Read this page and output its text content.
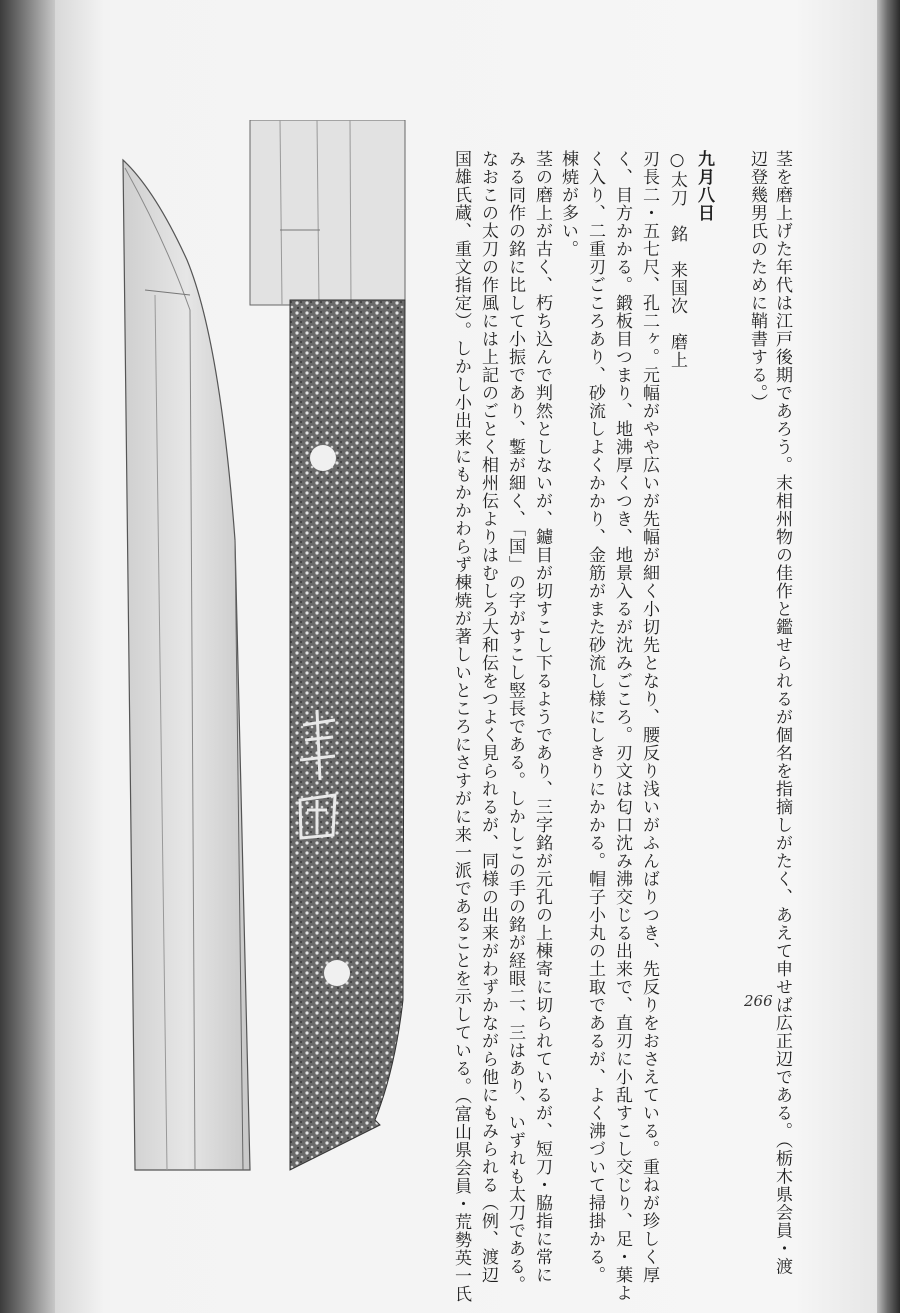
茎を磨上げた年代は江戸後期であろう。末相州物の佳作と鑑せられるが個名を指摘しがたく、あえて申せば広正辺である。（栃木県会員・渡
辺登幾男氏のために鞘書する。）
九月八日
○太刀　銘　来国次　磨上
刃長二・五七尺、孔二ヶ。元幅がやや広いが先幅が細く小切先となり、腰反り浅いがふんばりつき、先反りをおさえている。重ねが珍しく厚
く、目方かかる。鍛板目つまり、地沸厚くつき、地景入るが沈みごころ。刃文は匂口沈み沸交じる出来で、直刃に小乱すこし交じり、足・葉よ
く入り、二重刃ごころあり、砂流しよくかかり、金筋がまた砂流し様にしきりにかかる。帽子小丸の土取であるが、よく沸づいて掃掛かる。
棟焼が多い。
茎の磨上が古く、朽ち込んで判然としないが、鑢目が切すこし下るようであり、三字銘が元孔の上棟寄に切られているが、短刀・脇指に常に
みる同作の銘に比して小振であり、鏨が細く、「国」の字がすこし竪長である。しかしこの手の銘が経眼二、三はあり、いずれも太刀である。
なおこの太刀の作風には上記のごとく相州伝よりはむしろ大和伝をつよく見られるが、同様の出来がわずかながら他にもみられる（例、渡辺
国雄氏蔵、重文指定）。しかし小出来にもかかわらず棟焼が著しいところにさすがに来一派であることを示している。（富山県会員・荒勢英一氏	266
